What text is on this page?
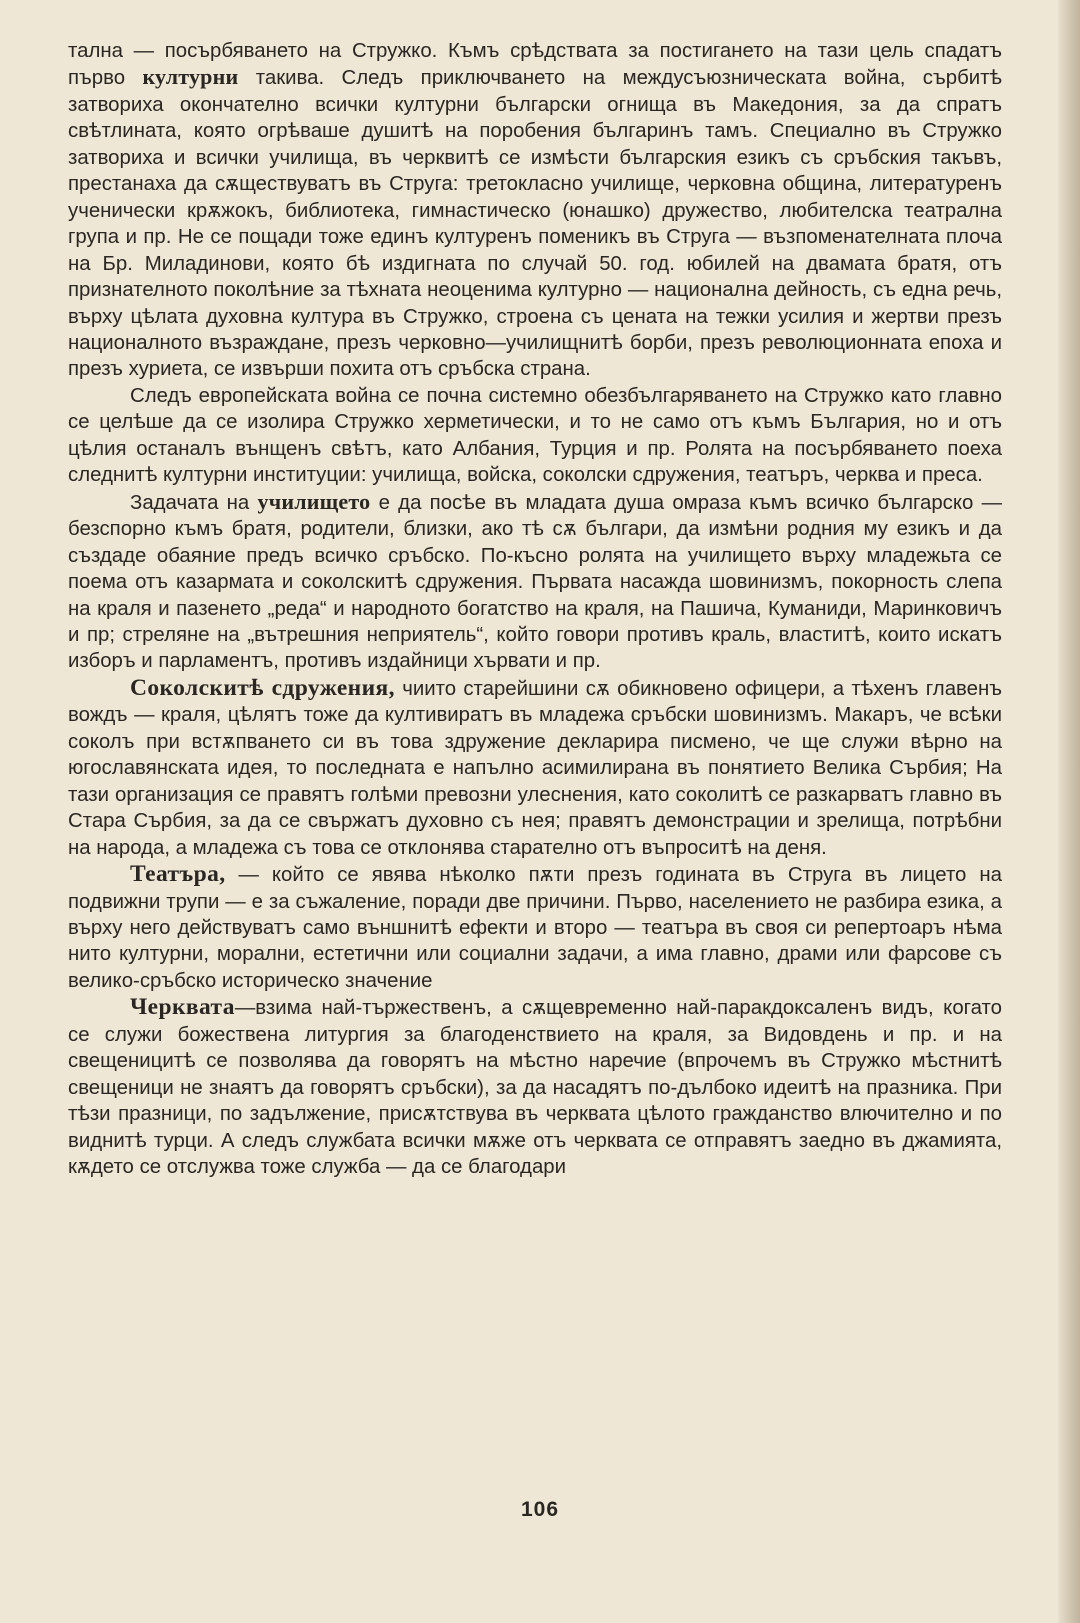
тална — посърбяването на Стружко. Къмъ срѣдствата за постигането на тази цель спадатъ първо културни такива. Следъ приключването на междусъюзническата война, сърбитѣ затвориха окончателно всички културни български огнища въ Македония, за да спратъ свѣтлината, която огрѣваше душитѣ на поробения българинъ тамъ. Специално въ Стружко затвориха и всички училища, въ черквитѣ се измѣсти българския езикъ съ сръбския такъвъ, престанаха да сѫществуватъ въ Струга: третокласно училище, черковна община, литературенъ ученически крѫжокъ, библиотека, гимнастическо (юнашко) дружество, любителска театрална група и пр. Не се пощади тоже единъ културенъ поменикъ въ Струга — възпоменателната плоча на Бр. Миладинови, която бѣ издигната по случай 50. год. юбилей на двамата братя, отъ признателното поколѣние за тѣхната неоценима културно — национална дейность, съ една речь, върху цѣлата духовна култура въ Стружко, строена съ цената на тежки усилия и жертви презъ националното възраждане, презъ черковно—училищнитѣ борби, презъ революционната епоха и презъ хуриета, се извърши похита отъ сръбска страна.

Следъ европейската война се почна системно обезбългаряването на Стружко като главно се целѣше да се изолира Стружко херметически, и то не само отъ къмъ България, но и отъ цѣлия останалъ вънщенъ свѣтъ, като Албания, Турция и пр. Ролята на посърбяването поеха следнитѣ културни институции: училища, войска, соколски сдружения, театъръ, черква и преса.

Задачата на училището е да посѣе въ младата душа омраза къмъ всичко българско — безспорно къмъ братя, родители, близки, ако тѣ сѫ българи, да измѣни родния му езикъ и да създаде обаяние предъ всичко сръбско. По-късно ролята на училището върху младежьта се поема отъ казармата и соколскитѣ сдружения. Първата насажда шовинизмъ, покорность слепа на краля и пазенето „реда“ и народното богатство на краля, на Пашича, Куманиди, Маринковичъ и пр; стреляне на „вътрешния неприятель“, който говори противъ краль, властитѣ, които искатъ изборъ и парламентъ, противъ издайници хървати и пр.

Соколскитѣ сдружения, чиито старейшини сѫ обикновено офицери, а тѣхенъ главенъ вождъ — краля, цѣлятъ тоже да култивиратъ въ младежа сръбски шовинизмъ. Макаръ, че всѣки соколъ при встѫпването си въ това здружение декларира писмено, че ще служи вѣрно на югославянската идея, то последната е напълно асимилирана въ понятието Велика Сърбия; На тази организация се правятъ голѣми превозни улеснения, като соколитѣ се разкарватъ главно въ Стара Сърбия, за да се свържатъ духовно съ нея; правятъ демонстрации и зрелища, потрѣбни на народа, а младежа съ това се отклонява старателно отъ въпроситѣ на деня.

Театъра, — който се явява нѣколко пѫти презъ годината въ Струга въ лицето на подвижни трупи — е за съжаление, поради две причини. Първо, населението не разбира езика, а върху него действуватъ само външнитѣ ефекти и второ — театъра въ своя си репертоаръ нѣма нито културни, морални, естетични или социални задачи, а има главно, драми или фарсове съ велико-сръбско историческо значение

Черквата—взима най-тържественъ, а сѫщевременно най-паракдоксаленъ видъ, когато се служи божествена литургия за благоденствието на краля, за Видовдень и пр. и на свещеницитѣ се позволява да говорятъ на мѣстно наречие (впрочемъ въ Стружко мѣстнитѣ свещеници не знаятъ да говорятъ сръбски), за да насадятъ по-дълбоко идеитѣ на празника. При тѣзи празници, по задължение, присѫтствува въ черквата цѣлото гражданство влючително и по виднитѣ турци. А следъ службата всички мѫже отъ черквата се отправятъ заедно въ джамията, кѫдето се отслужва тоже служба — да се благодари

106
